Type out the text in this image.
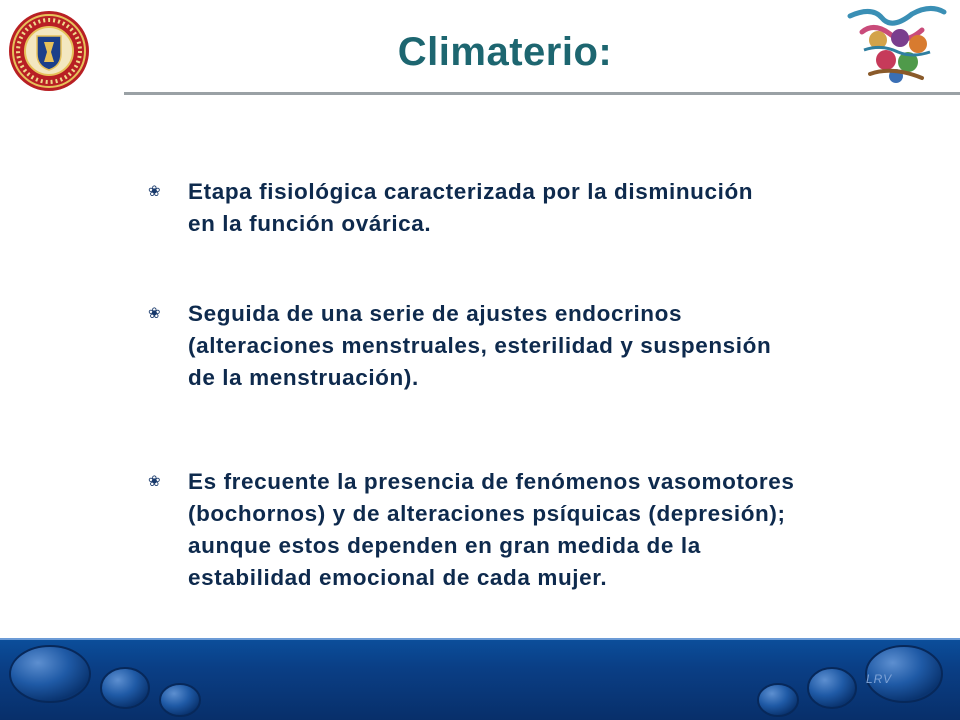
Climaterio:
❀	Etapa fisiológica caracterizada por la disminución
en la función ovárica.
❀	Seguida de una serie de ajustes endocrinos
(alteraciones menstruales, esterilidad y suspensión
de la menstruación).
❀	Es frecuente la presencia de fenómenos vasomotores
(bochornos) y de alteraciones psíquicas (depresión);
aunque estos dependen en gran medida de la
estabilidad emocional de cada mujer.
LRV
